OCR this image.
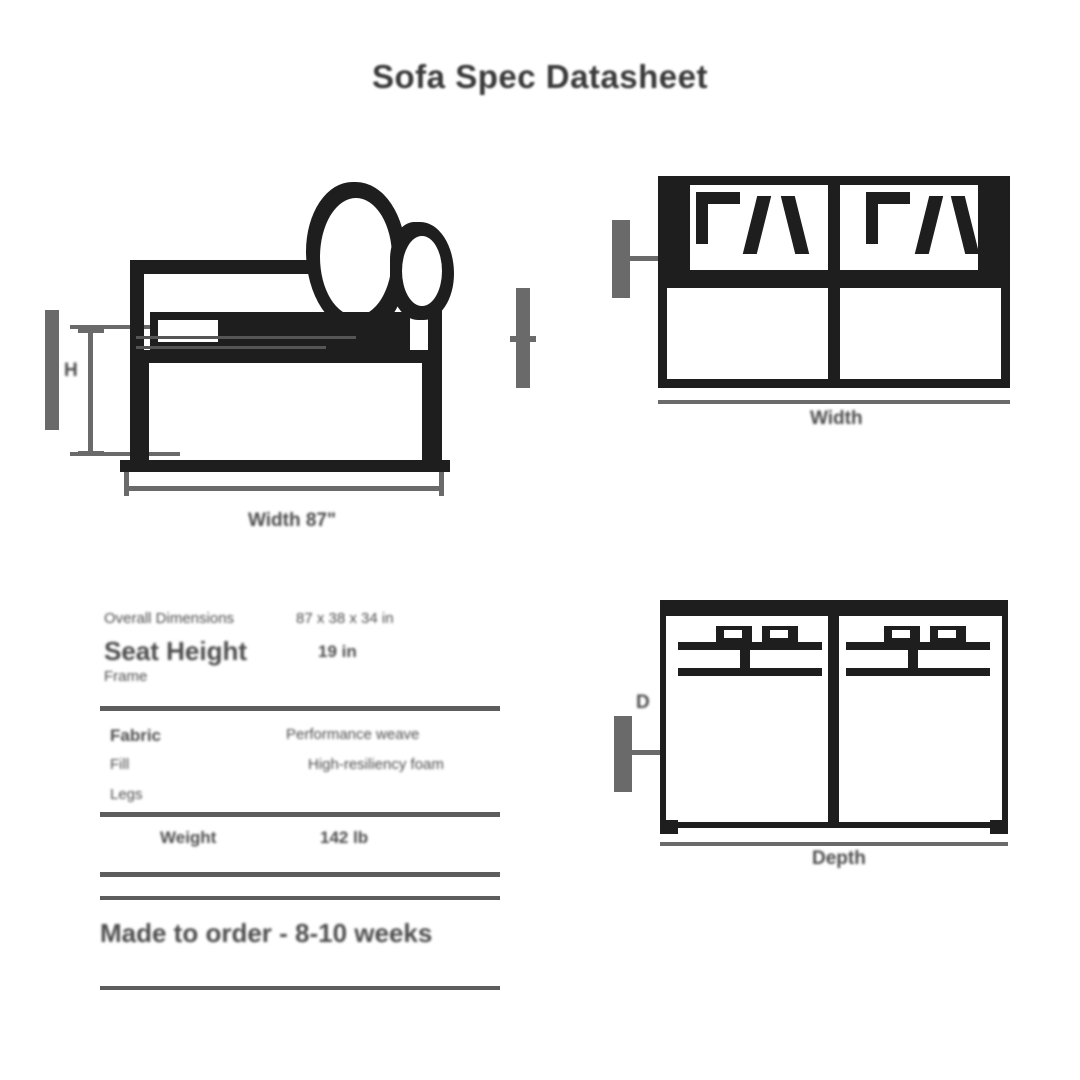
Sofa Spec Datasheet
H
Width 87"
Width
Overall Dimensions	87 x 38 x 34 in
Seat Height	19 in
Frame
Fabric	Performance weave
Fill	High-resiliency foam
Legs
Weight	142 lb
Made to order - 8-10 weeks
D
Depth
